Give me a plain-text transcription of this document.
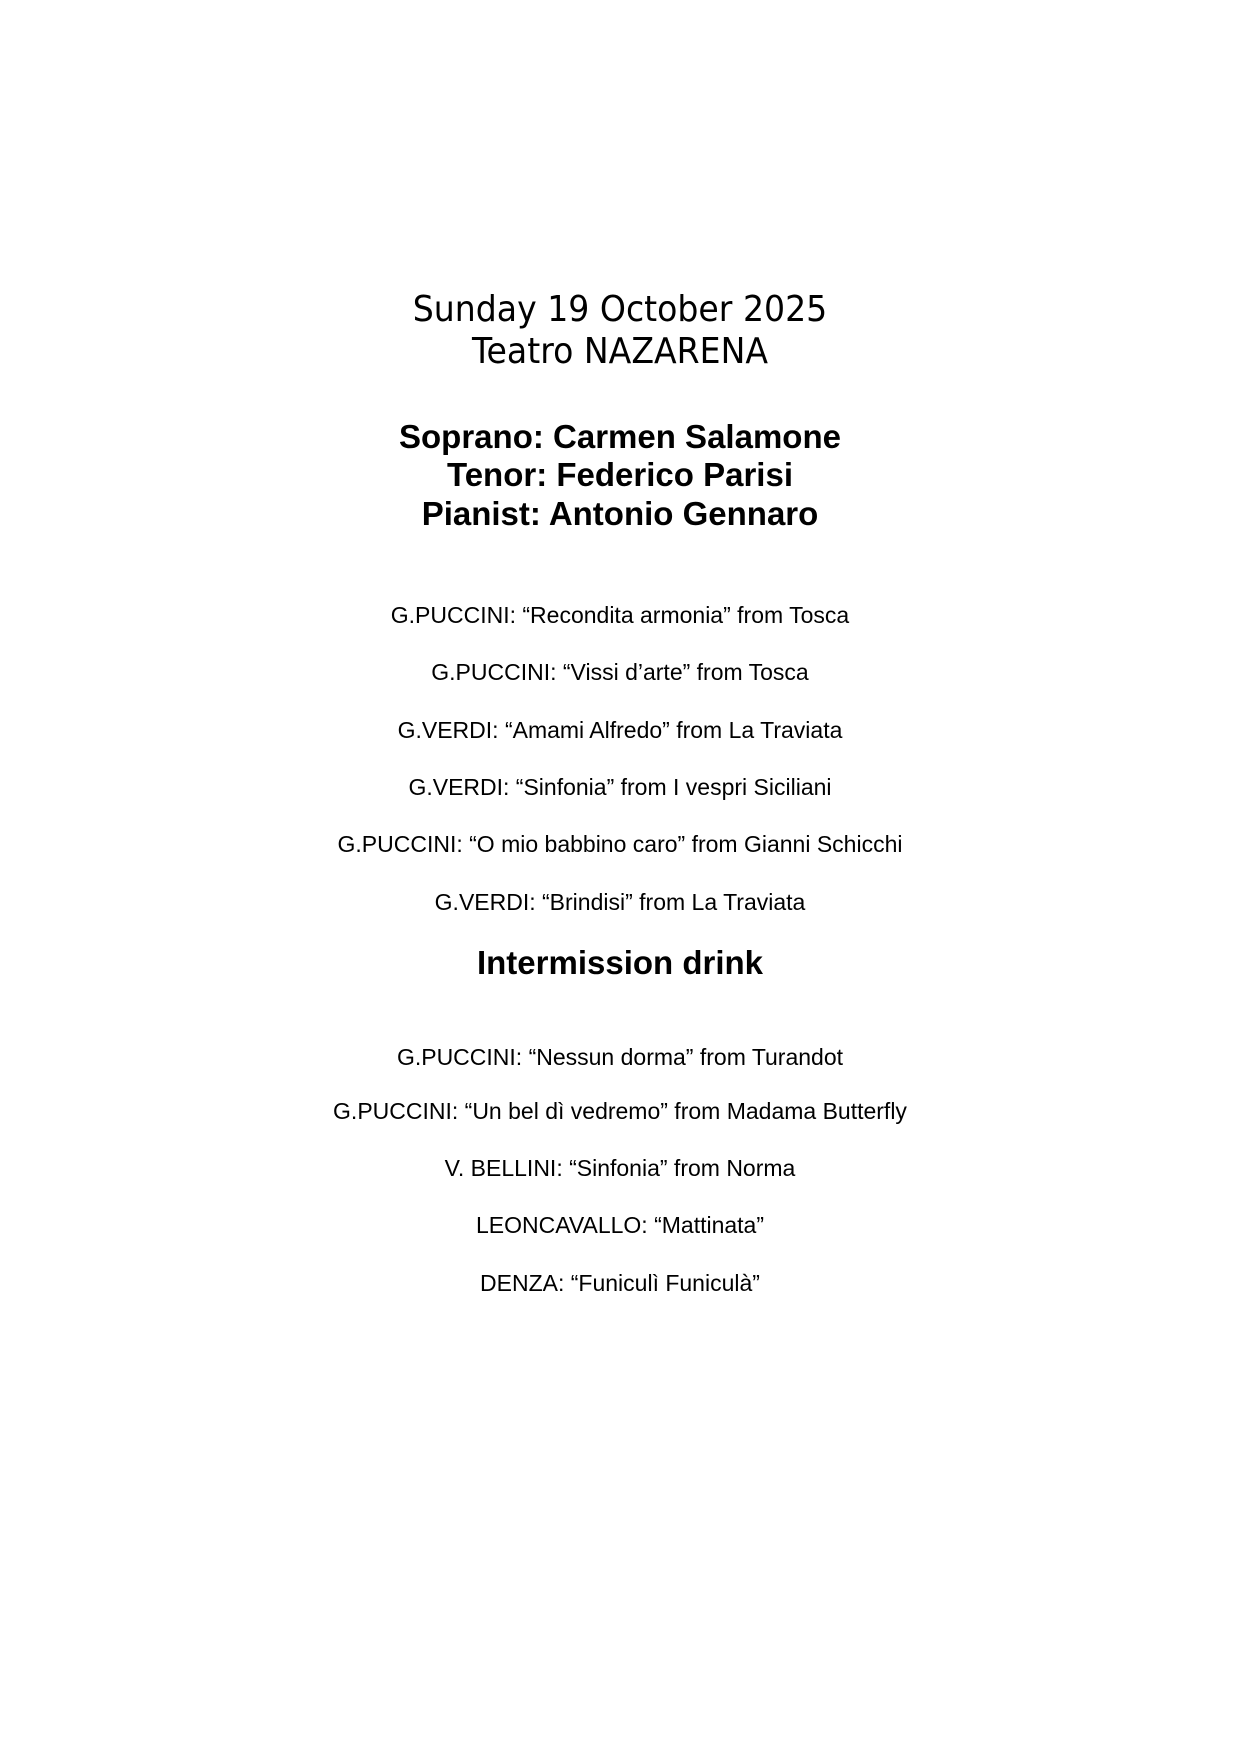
Sunday 19 October 2025

Teatro NAZARENA

Soprano: Carmen Salamone

Tenor: Federico Parisi

Pianist: Antonio Gennaro

G.PUCCINI: “Recondita armonia” from Tosca

G.PUCCINI: “Vissi d’arte” from Tosca

G.VERDI: “Amami Alfredo” from La Traviata

G.VERDI: “Sinfonia” from I vespri Siciliani

G.PUCCINI: “O mio babbino caro” from Gianni Schicchi

G.VERDI: “Brindisi” from La Traviata

Intermission drink

G.PUCCINI: “Nessun dorma” from Turandot

G.PUCCINI: “Un bel dì vedremo” from Madama Butterfly

V. BELLINI: “Sinfonia” from Norma

LEONCAVALLO: “Mattinata”

DENZA: “Funiculì Funiculà”
